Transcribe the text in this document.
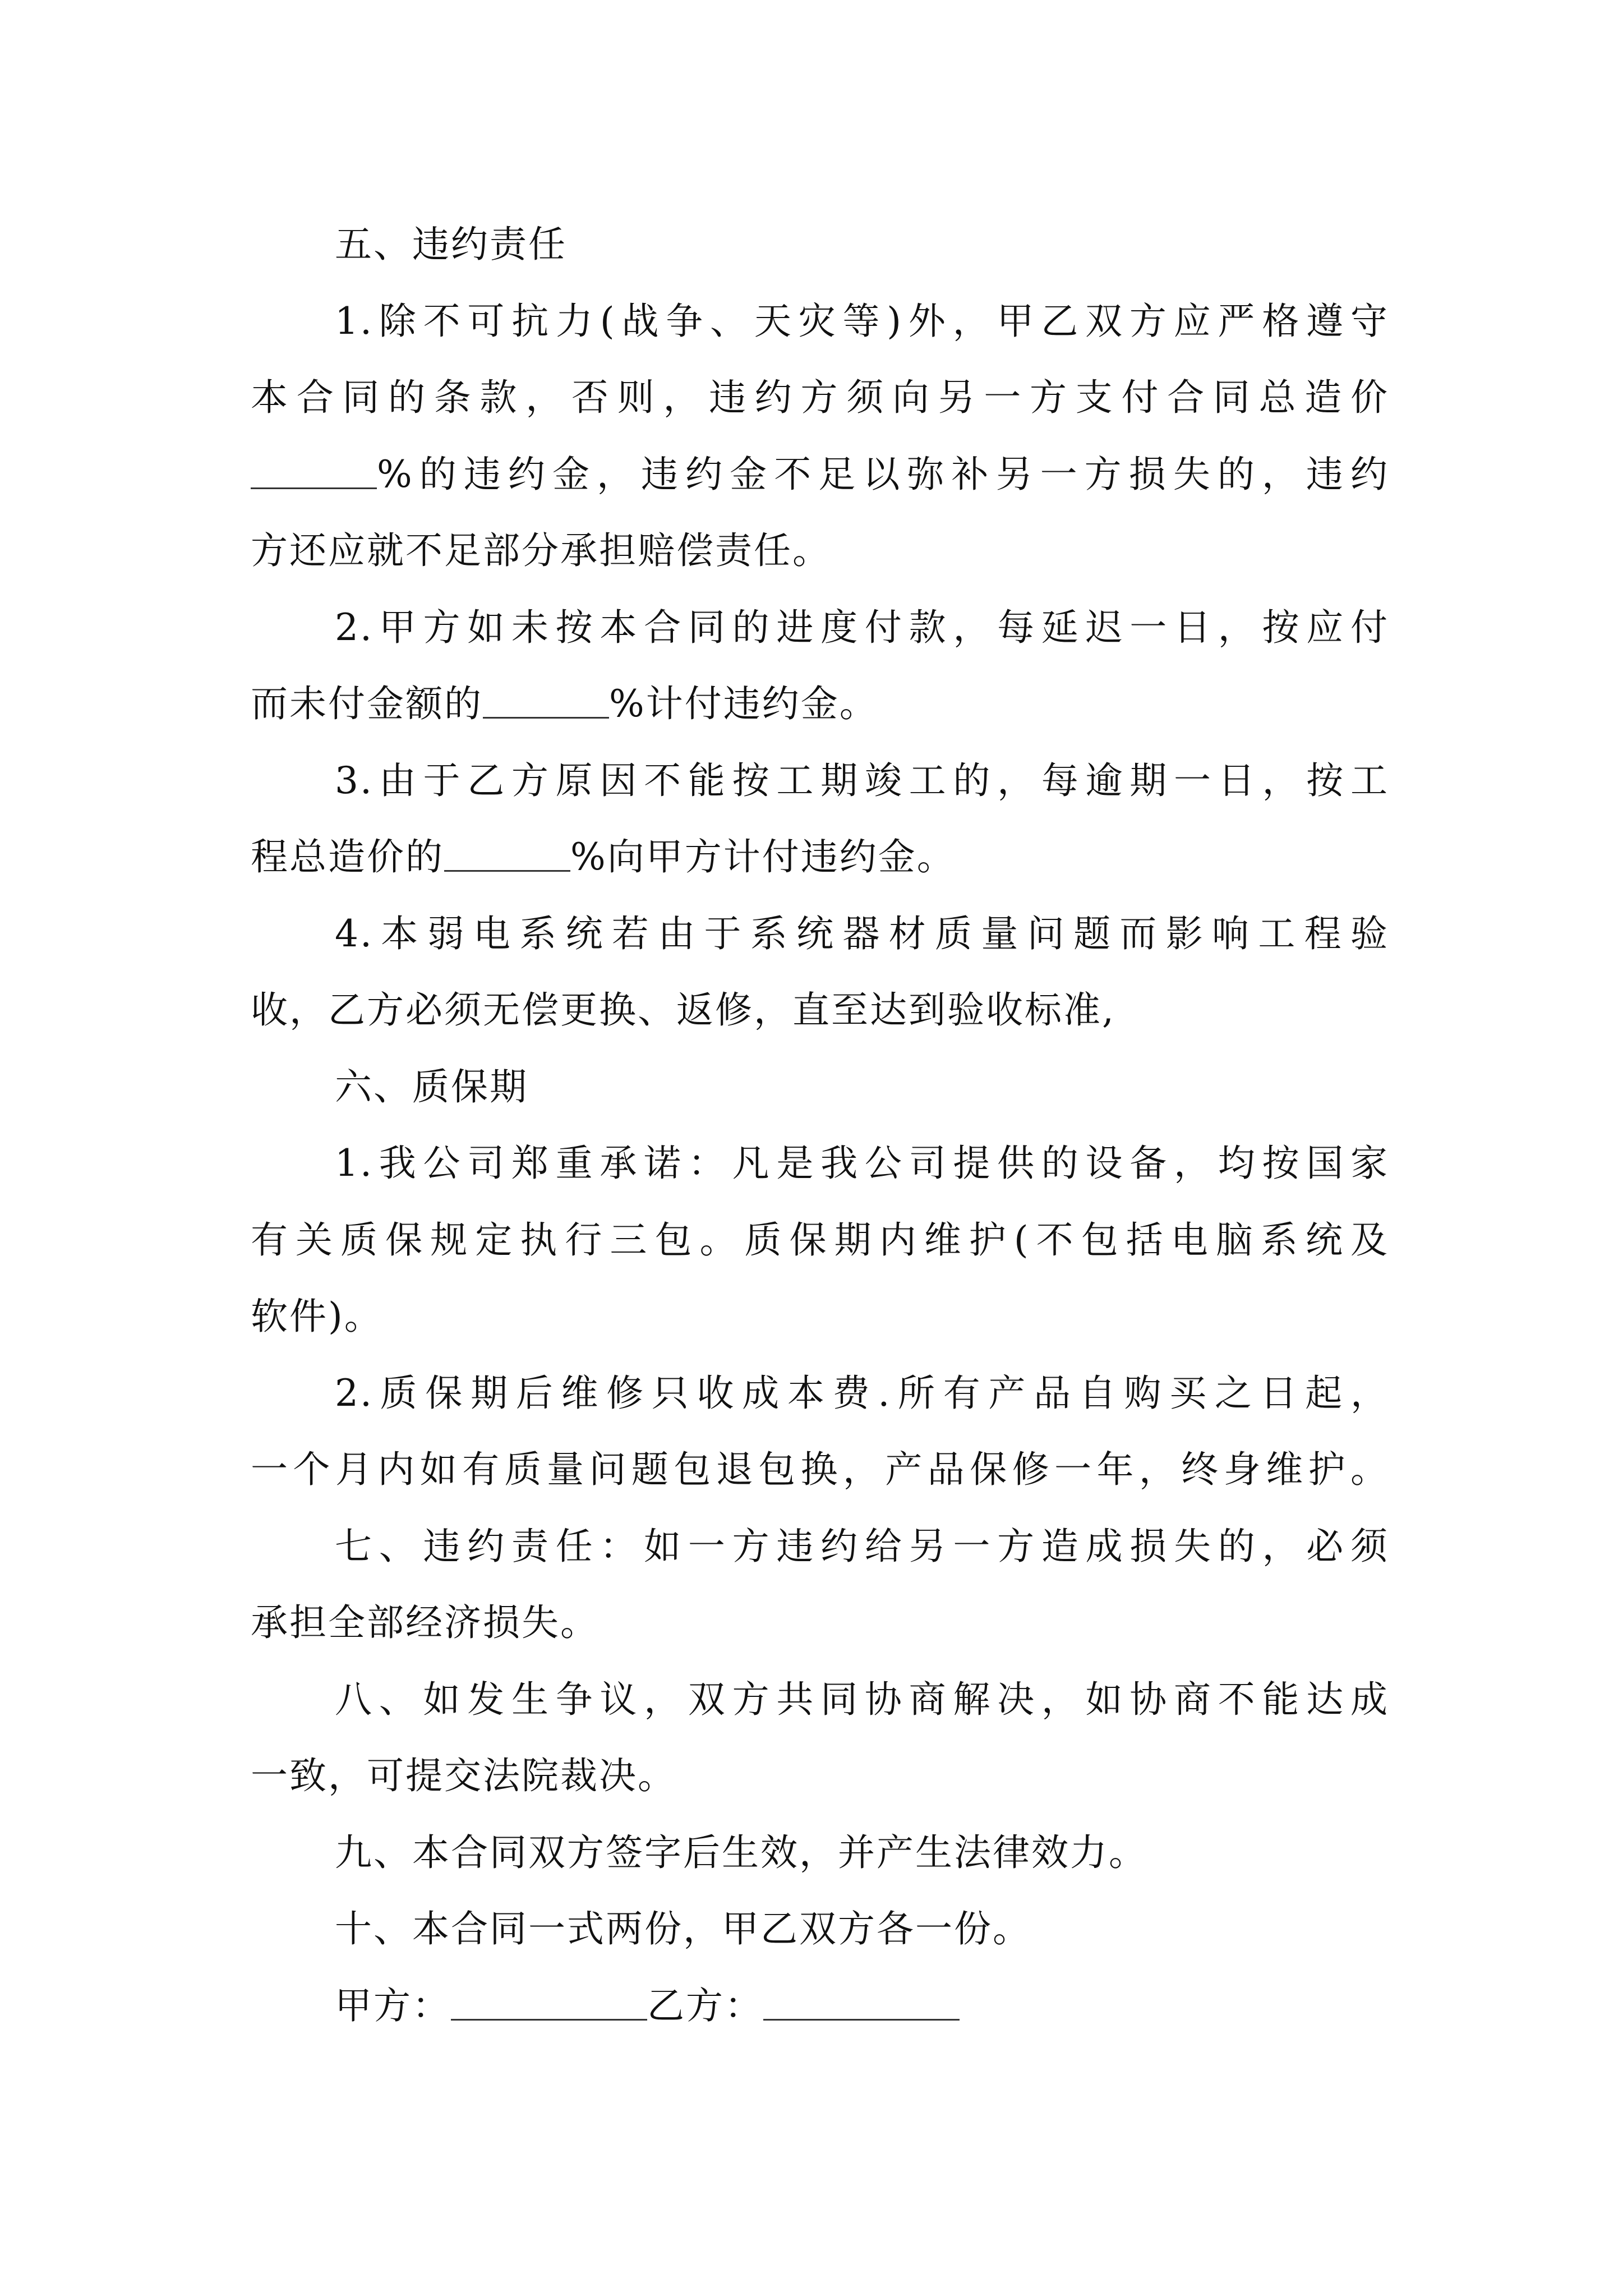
五、违约责任
1.除不可抗力(战争、天灾等)外，甲乙双方应严格遵守
本合同的条款，否则，违约方须向另一方支付合同总造价
%的违约金，违约金不足以弥补另一方损失的，违约
方还应就不足部分承担赔偿责任。
2.甲方如未按本合同的进度付款，每延迟一日，按应付
而未付金额的	%计付违约金。
3.由于乙方原因不能按工期竣工的，每逾期一日，按工
程总造价的	%向甲方计付违约金。
4.本弱电系统若由于系统器材质量问题而影响工程验
收，乙方必须无偿更换、返修，直至达到验收标准,
六、质保期
1.我公司郑重承诺：凡是我公司提供的设备，均按国家
有关质保规定执行三包。质保期内维护(不包括电脑系统及
软件)。
2.质保期后维修只收成本费.所有产品自购买之日起，
一个月内如有质量问题包退包换，产品保修一年，终身维护。
七、违约责任：如一方违约给另一方造成损失的，必须
承担全部经济损失。
八、如发生争议，双方共同协商解决，如协商不能达成
一致，可提交法院裁决。
九、本合同双方签字后生效，并产生法律效力。
十、本合同一式两份，甲乙双方各一份。
甲方：	乙方：
